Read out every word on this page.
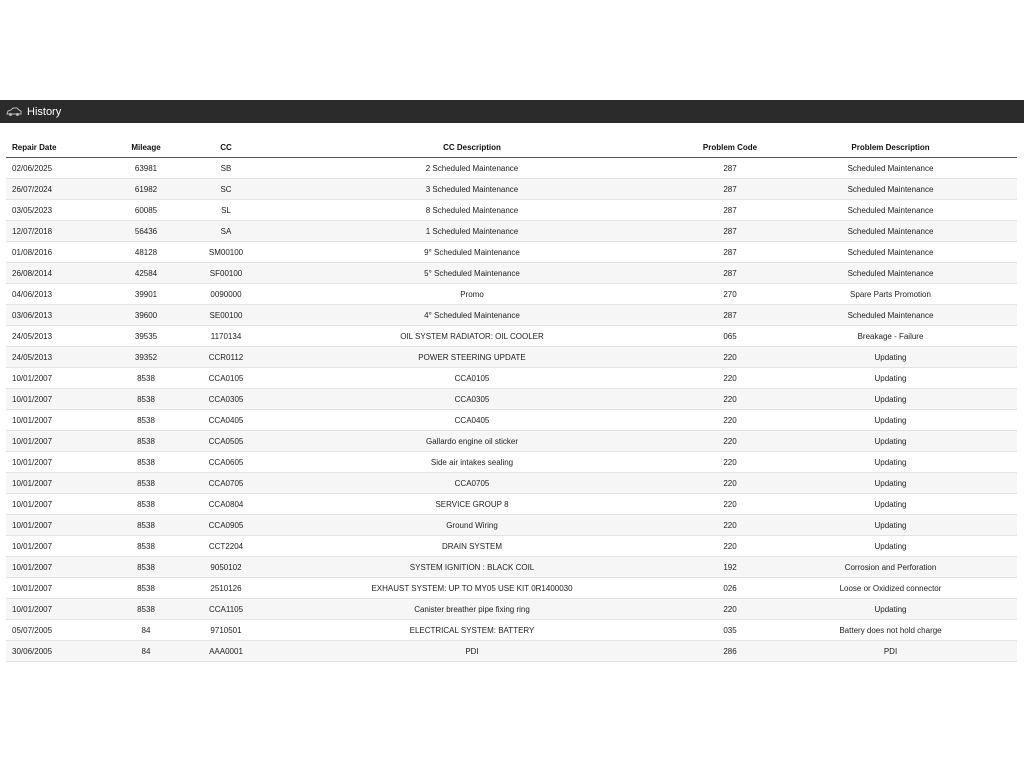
History
Repair Date	Mileage	CC	CC Description	Problem Code	Problem Description
02/06/2025	63981	SB	2 Scheduled Maintenance	287	Scheduled Maintenance
26/07/2024	61982	SC	3 Scheduled Maintenance	287	Scheduled Maintenance
03/05/2023	60085	SL	8 Scheduled Maintenance	287	Scheduled Maintenance
12/07/2018	56436	SA	1 Scheduled Maintenance	287	Scheduled Maintenance
01/08/2016	48128	SM00100	9° Scheduled Maintenance	287	Scheduled Maintenance
26/08/2014	42584	SF00100	5° Scheduled Maintenance	287	Scheduled Maintenance
04/06/2013	39901	0090000	Promo	270	Spare Parts Promotion
03/06/2013	39600	SE00100	4° Scheduled Maintenance	287	Scheduled Maintenance
24/05/2013	39535	1170134	OIL SYSTEM RADIATOR: OIL COOLER	065	Breakage - Failure
24/05/2013	39352	CCR0112	POWER STEERING UPDATE	220	Updating
10/01/2007	8538	CCA0105	CCA0105	220	Updating
10/01/2007	8538	CCA0305	CCA0305	220	Updating
10/01/2007	8538	CCA0405	CCA0405	220	Updating
10/01/2007	8538	CCA0505	Gallardo engine oil sticker	220	Updating
10/01/2007	8538	CCA0605	Side air intakes sealing	220	Updating
10/01/2007	8538	CCA0705	CCA0705	220	Updating
10/01/2007	8538	CCA0804	SERVICE GROUP 8	220	Updating
10/01/2007	8538	CCA0905	Ground Wiring	220	Updating
10/01/2007	8538	CCT2204	DRAIN SYSTEM	220	Updating
10/01/2007	8538	9050102	SYSTEM IGNITION : BLACK COIL	192	Corrosion and Perforation
10/01/2007	8538	2510126	EXHAUST SYSTEM: UP TO MY05 USE KIT 0R1400030	026	Loose or Oxidized connector
10/01/2007	8538	CCA1105	Canister breather pipe fixing ring	220	Updating
05/07/2005	84	9710501	ELECTRICAL SYSTEM: BATTERY	035	Battery does not hold charge
30/06/2005	84	AAA0001	PDI	286	PDI
